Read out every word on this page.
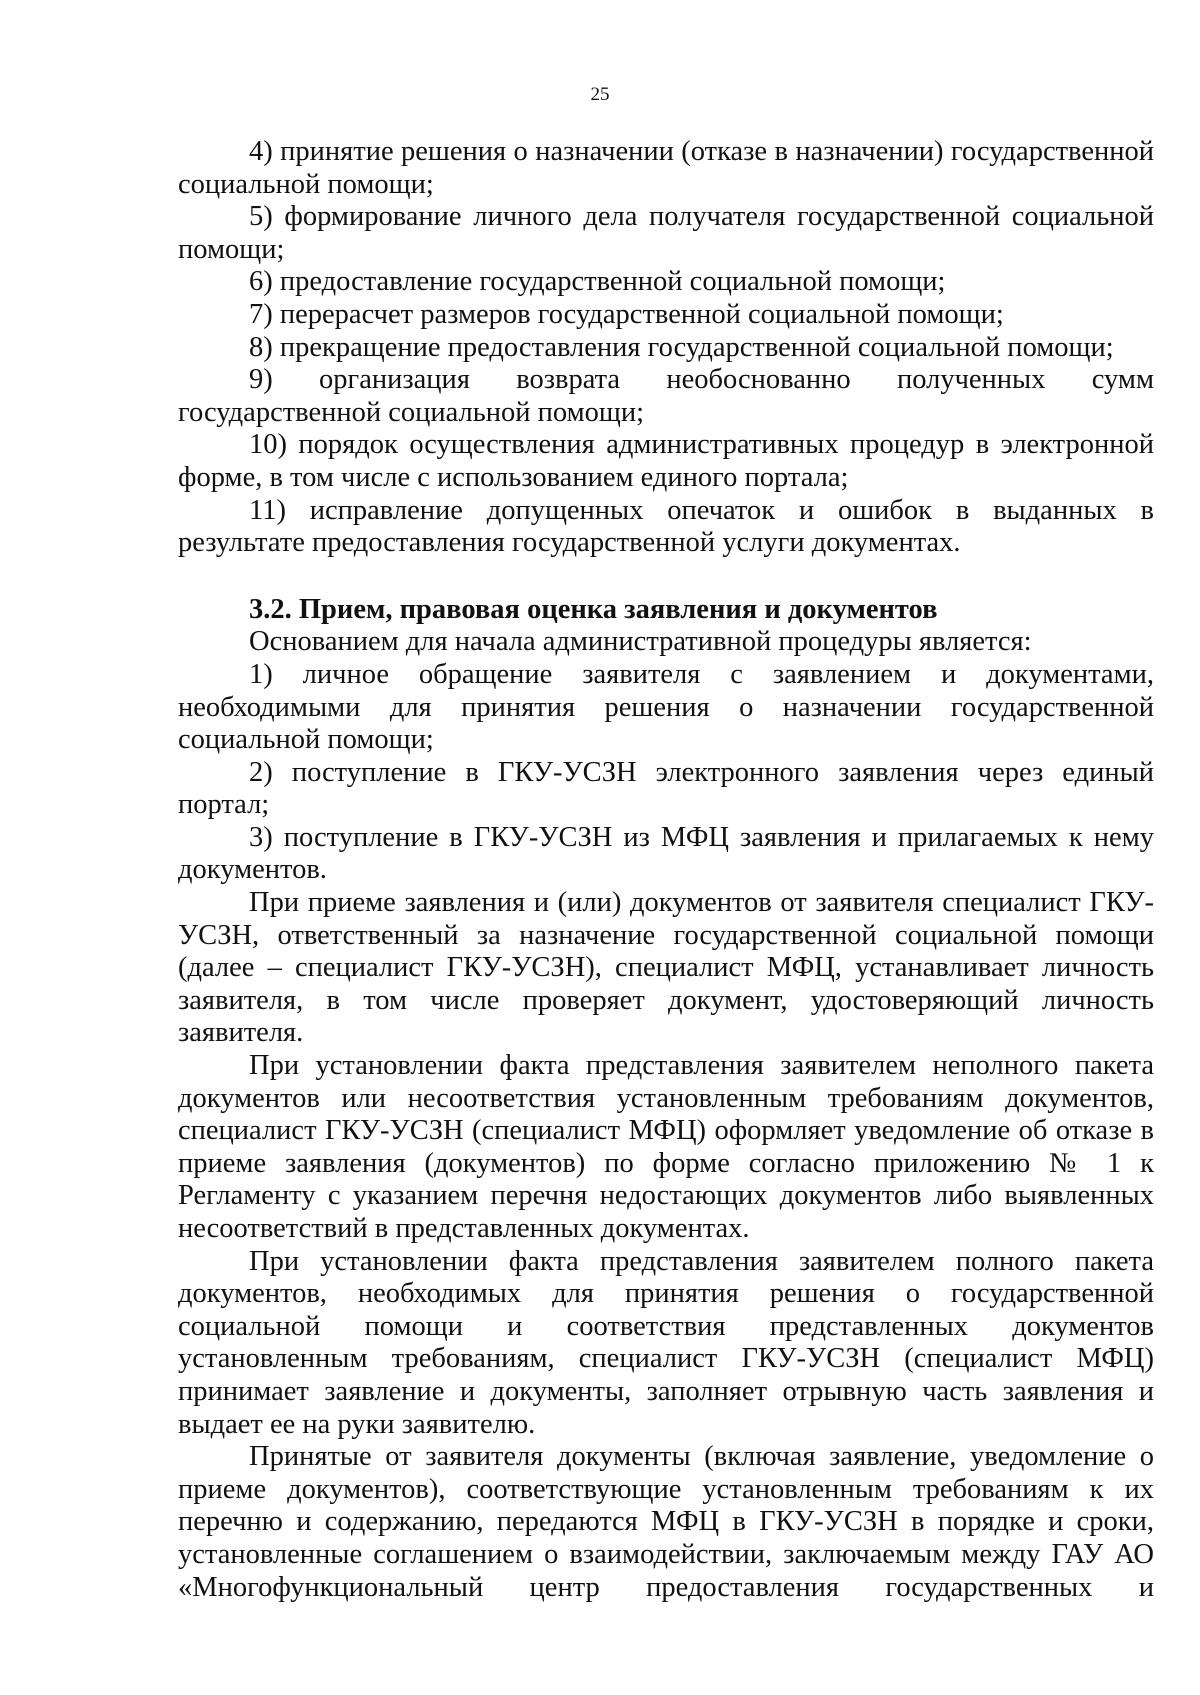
25

4) принятие решения о назначении (отказе в назначении) государственной социальной помощи;

5) формирование личного дела получателя государственной социальной помощи;

6) предоставление государственной социальной помощи;

7) перерасчет размеров государственной социальной помощи;

8) прекращение предоставления государственной социальной помощи;

9) организация возврата необоснованно полученных сумм государственной социальной помощи;

10) порядок осуществления административных процедур в электронной форме, в том числе с использованием единого портала;

11) исправление допущенных опечаток и ошибок в выданных в результате предоставления государственной услуги документах.

3.2. Прием, правовая оценка заявления и документов

Основанием для начала административной процедуры является:

1) личное обращение заявителя с заявлением и документами, необходимыми для принятия решения о назначении государственной социальной помощи;

2) поступление в ГКУ-УСЗН электронного заявления через единый портал;

3) поступление в ГКУ-УСЗН из МФЦ заявления и прилагаемых к нему документов.

При приеме заявления и (или) документов от заявителя специалист ГКУ-УСЗН, ответственный за назначение государственной социальной помощи (далее – специалист ГКУ-УСЗН), специалист МФЦ, устанавливает личность заявителя, в том числе проверяет документ, удостоверяющий личность заявителя.

При установлении факта представления заявителем неполного пакета документов или несоответствия установленным требованиям документов, специалист ГКУ-УСЗН (специалист МФЦ) оформляет уведомление об отказе в приеме заявления (документов) по форме согласно приложению № 1 к Регламенту с указанием перечня недостающих документов либо выявленных несоответствий в представленных документах.

При установлении факта представления заявителем полного пакета документов, необходимых для принятия решения о государственной социальной помощи и соответствия представленных документов установленным требованиям, специалист ГКУ-УСЗН (специалист МФЦ) принимает заявление и документы, заполняет отрывную часть заявления и выдает ее на руки заявителю.

Принятые от заявителя документы (включая заявление, уведомление о приеме документов), соответствующие установленным требованиям к их перечню и содержанию, передаются МФЦ в ГКУ-УСЗН в порядке и сроки, установленные соглашением о взаимодействии, заключаемым между ГАУ АО «Многофункциональный центр предоставления государственных и
